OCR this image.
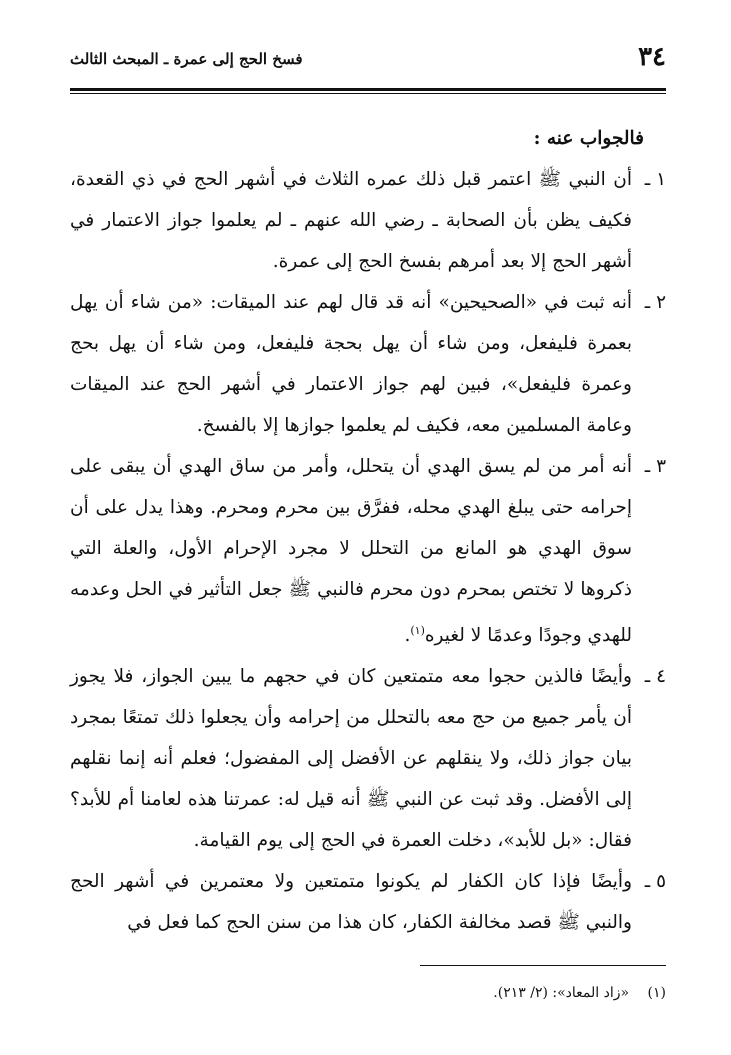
٣٤
فسخ الحج إلى عمرة ـ المبحث الثالث
فالجواب عنه :
١ ـ
أن النبي ﷺ اعتمر قبل ذلك عمره الثلاث في أشهر الحج في ذي القعدة، فكيف يظن بأن الصحابة ـ رضي الله عنهم ـ لم يعلموا جواز الاعتمار في أشهر الحج إلا بعد أمرهم بفسخ الحج إلى عمرة.
٢ ـ
أنه ثبت في «الصحيحين» أنه قد قال لهم عند الميقات: «من شاء أن يهل بعمرة فليفعل، ومن شاء أن يهل بحجة فليفعل، ومن شاء أن يهل بحج وعمرة فليفعل»، فبين لهم جواز الاعتمار في أشهر الحج عند الميقات وعامة المسلمين معه، فكيف لم يعلموا جوازها إلا بالفسخ.
٣ ـ
أنه أمر من لم يسق الهدي أن يتحلل، وأمر من ساق الهدي أن يبقى على إحرامه حتى يبلغ الهدي محله، ففرَّق بين محرم ومحرم. وهذا يدل على أن سوق الهدي هو المانع من التحلل لا مجرد الإحرام الأول، والعلة التي ذكروها لا تختص بمحرم دون محرم فالنبي ﷺ جعل التأثير في الحل وعدمه للهدي وجودًا وعدمًا لا لغيره$^{(١)}$.
٤ ـ
وأيضًا فالذين حجوا معه متمتعين كان في حجهم ما يبين الجواز، فلا يجوز أن يأمر جميع من حج معه بالتحلل من إحرامه وأن يجعلوا ذلك تمتعًا بمجرد بيان جواز ذلك، ولا ينقلهم عن الأفضل إلى المفضول؛ فعلم أنه إنما نقلهم إلى الأفضل. وقد ثبت عن النبي ﷺ أنه قيل له: عمرتنا هذه لعامنا أم للأبد؟ فقال: «بل للأبد»، دخلت العمرة في الحج إلى يوم القيامة.
٥ ـ
وأيضًا فإذا كان الكفار لم يكونوا متمتعين ولا معتمرين في أشهر الحج والنبي ﷺ قصد مخالفة الكفار، كان هذا من سنن الحج كما فعل في
(١) «زاد المعاد»: (٢/ ٢١٣).
